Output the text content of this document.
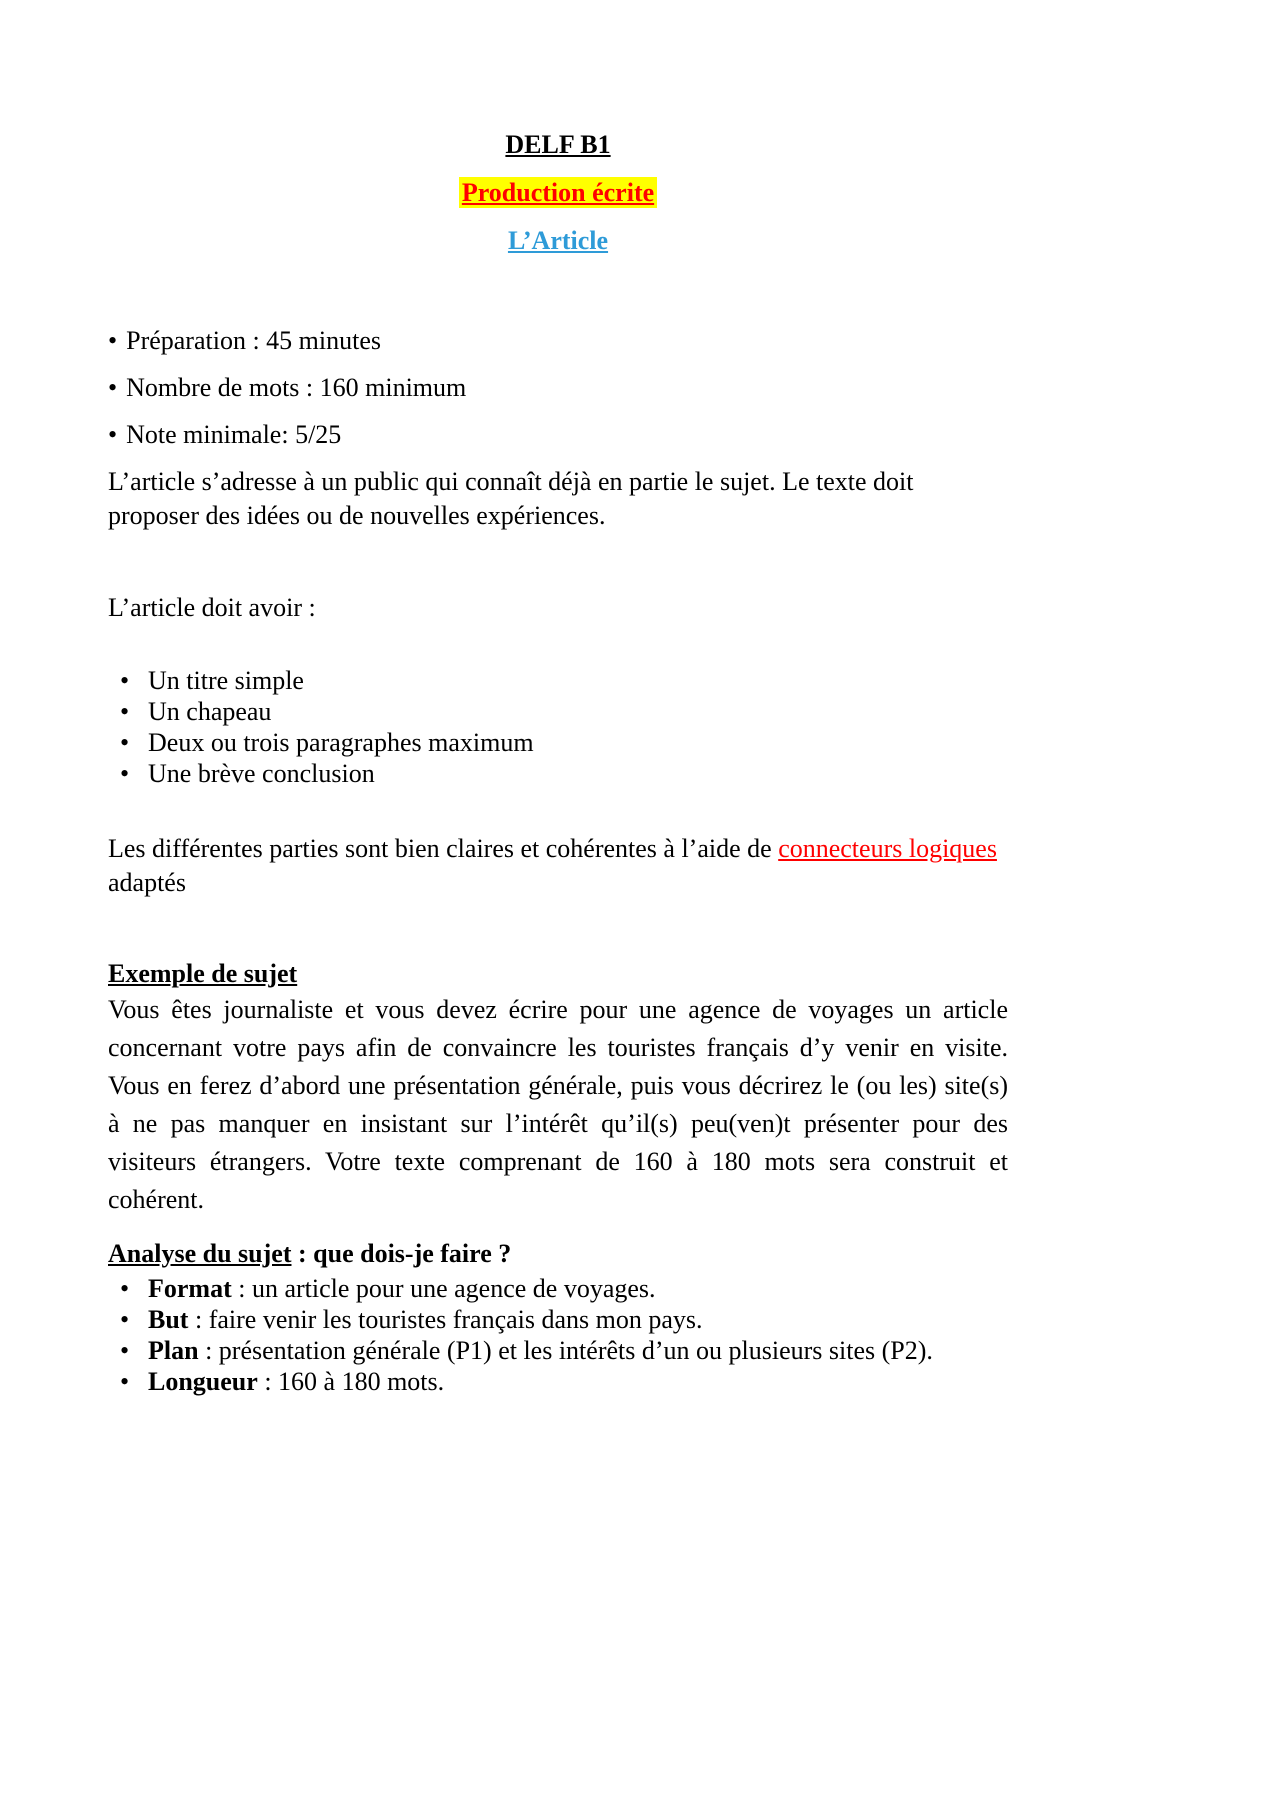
DELF B1
Production écrite
L’Article

• Préparation : 45 minutes

• Nombre de mots : 160 minimum

• Note minimale: 5/25

L’article s’adresse à un public qui connaît déjà en partie le sujet. Le texte doit proposer des idées ou de nouvelles expériences.

L’article doit avoir :

• Un titre simple
• Un chapeau
• Deux ou trois paragraphes maximum
• Une brève conclusion

Les différentes parties sont bien claires et cohérentes à l’aide de connecteurs logiques adaptés

Exemple de sujet

Vous êtes journaliste et vous devez écrire pour une agence de voyages un article concernant votre pays afin de convaincre les touristes français d’y venir en visite. Vous en ferez d’abord une présentation générale, puis vous décrirez le (ou les) site(s) à ne pas manquer en insistant sur l’intérêt qu’il(s) peu(ven)t présenter pour des visiteurs étrangers. Votre texte comprenant de 160 à 180 mots sera construit et cohérent.

Analyse du sujet : que dois-je faire ?
• Format : un article pour une agence de voyages.
• But : faire venir les touristes français dans mon pays.
• Plan : présentation générale (P1) et les intérêts d’un ou plusieurs sites (P2).
• Longueur : 160 à 180 mots.
